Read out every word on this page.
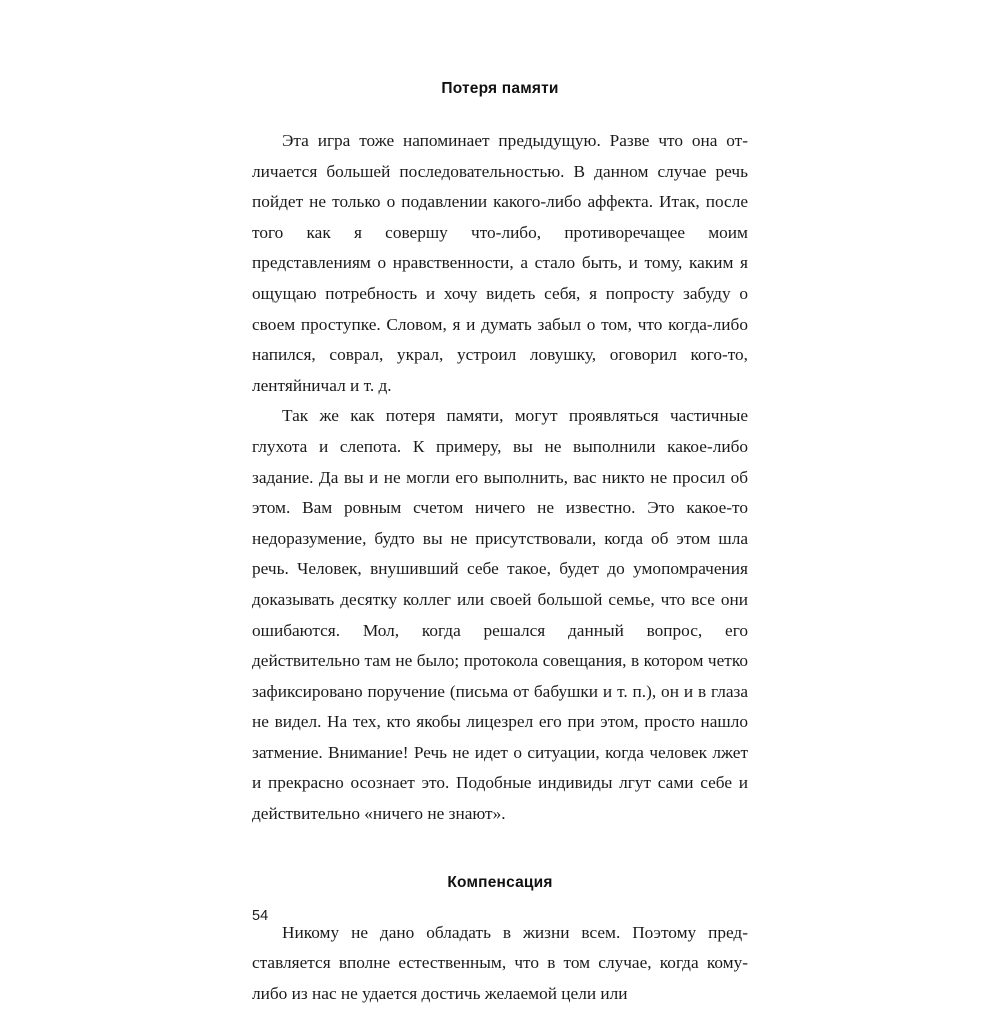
Потеря памяти

Эта игра тоже напоминает предыдущую. Разве что она отличается большей последовательностью. В данном случае речь пойдет не только о подавлении какого-либо аффекта. Итак, после того как я совершу что-либо, противоречащее моим представлениям о нравственности, а стало быть, и тому, каким я ощущаю потребность и хочу видеть себя, я попросту забуду о своем проступке. Словом, я и думать забыл о том, что когда-либо напился, соврал, украл, устроил ловушку, оговорил кого-то, лентяйничал и т. д.

Так же как потеря памяти, могут проявляться частичные глухота и слепота. К примеру, вы не выполнили какое-либо задание. Да вы и не могли его выполнить, вас никто не просил об этом. Вам ровным счетом ничего не известно. Это какое-то недоразумение, будто вы не присутствовали, когда об этом шла речь. Человек, внушивший себе такое, будет до умопомрачения доказывать десятку коллег или своей большой семье, что все они ошибаются. Мол, когда решался данный вопрос, его действительно там не было; протокола совещания, в котором четко зафиксировано поручение (письма от бабушки и т. п.), он и в глаза не видел. На тех, кто якобы лицезрел его при этом, просто нашло затмение. Внимание! Речь не идет о ситуации, когда человек лжет и прекрасно осознает это. Подобные индивиды лгут сами себе и действительно «ничего не знают».

Компенсация

Никому не дано обладать в жизни всем. Поэтому представляется вполне естественным, что в том случае, когда кому-либо из нас не удается достичь желаемой цели или

54
